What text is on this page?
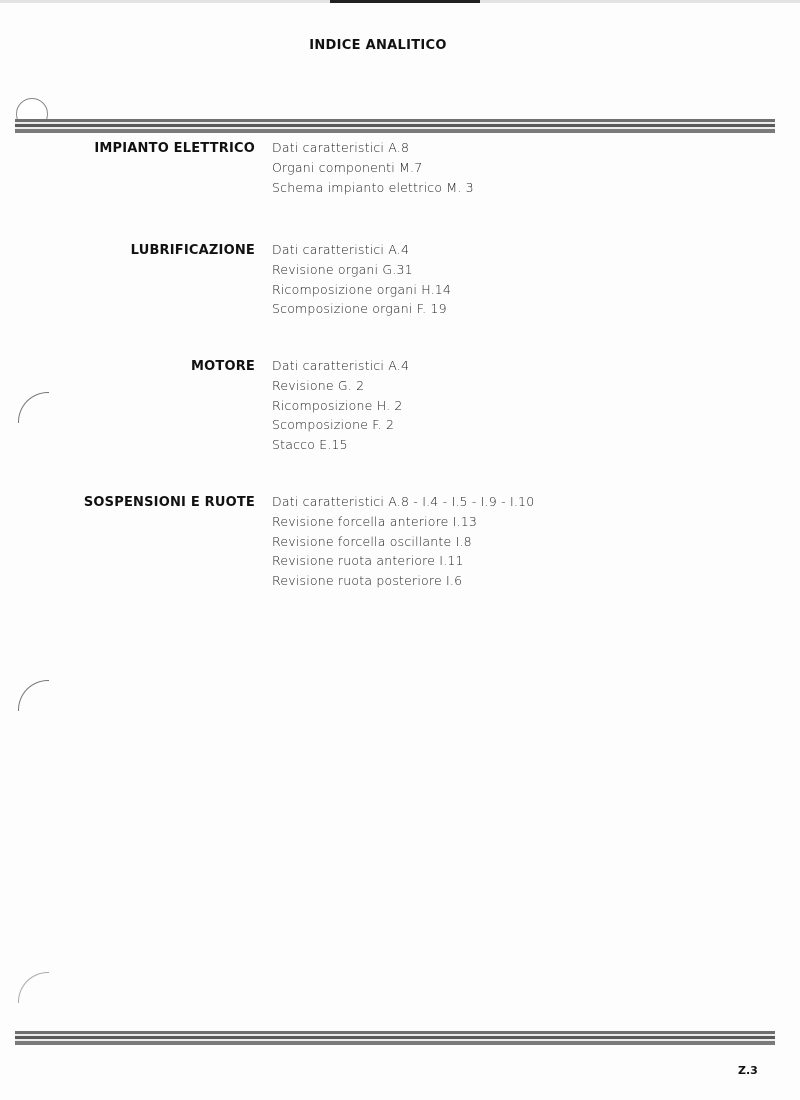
INDICE ANALITICO
IMPIANTO ELETTRICO Dati caratteristici A.8
Organi componenti M.7
Schema impianto elettrico M. 3
LUBRIFICAZIONE Dati caratteristici A.4
Revisione organi G.31
Ricomposizione organi H.14
Scomposizione organi F. 19
MOTORE Dati caratteristici A.4
Revisione G. 2
Ricomposizione H. 2
Scomposizione F. 2
Stacco E.15
SOSPENSIONI E RUOTE Dati caratteristici A.8 - I.4 - I.5 - I.9 - I.10
Revisione forcella anteriore I.13
Revisione forcella oscillante I.8
Revisione ruota anteriore I.11
Revisione ruota posteriore I.6
Z.3
